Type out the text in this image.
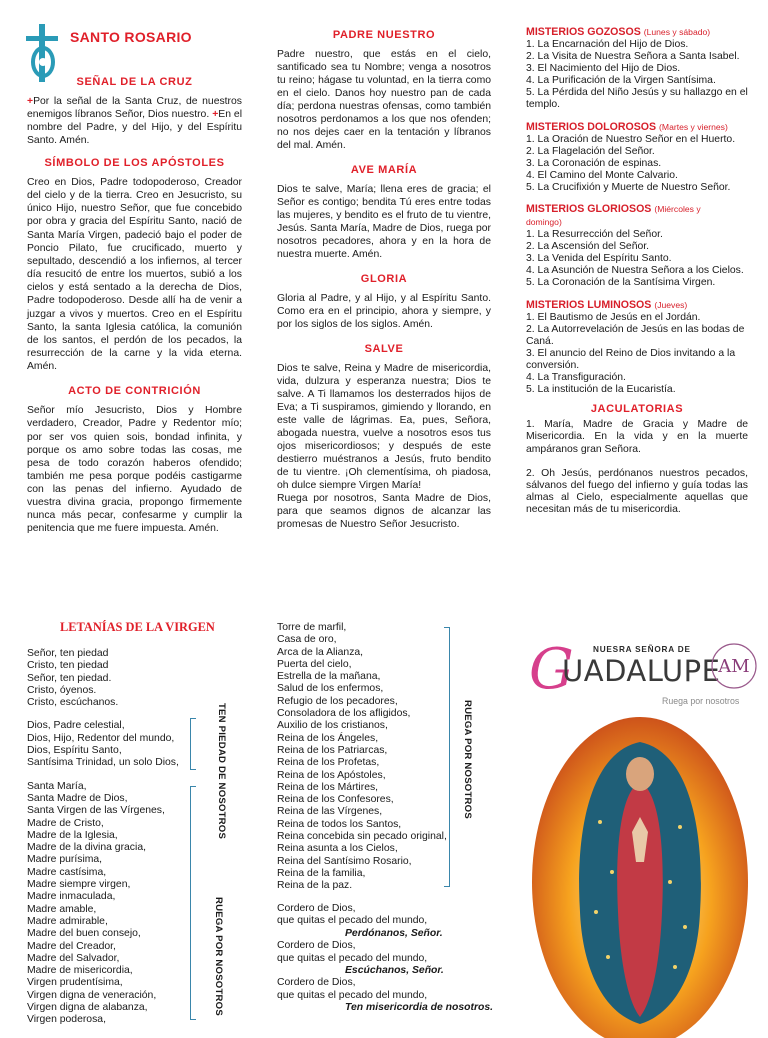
SANTO ROSARIO
SEÑAL DE LA CRUZ

+Por la señal de la Santa Cruz, de nuestros enemigos líbranos Señor, Dios nuestro. +En el nombre del Padre, y del Hijo, y del Espíritu Santo. Amén.

SÍMBOLO DE LOS APÓSTOLES

Creo en Dios, Padre todopoderoso, Creador del cielo y de la tierra. Creo en Jesucristo, su único Hijo, nuestro Señor, que fue concebido por obra y gracia del Espíritu Santo, nació de Santa María Virgen, padeció bajo el poder de Poncio Pilato, fue crucificado, muerto y sepultado, descendió a los infiernos, al tercer día resucitó de entre los muertos, subió a los cielos y está sentado a la derecha de Dios, Padre todopoderoso. Desde allí ha de venir a juzgar a vivos y muertos. Creo en el Espíritu Santo, la santa Iglesia católica, la comunión de los santos, el perdón de los pecados, la resurrección de la carne y la vida eterna. Amén.

ACTO DE CONTRICIÓN

Señor mío Jesucristo, Dios y Hombre verdadero, Creador, Padre y Redentor mío; por ser vos quien sois, bondad infinita, y porque os amo sobre todas las cosas, me pesa de todo corazón haberos ofendido; también me pesa porque podéis castigarme con las penas del infierno. Ayudado de vuestra divina gracia, propongo firmemente nunca más pecar, confesarme y cumplir la penitencia que me fuere impuesta. Amén.

PADRE NUESTRO

Padre nuestro, que estás en el cielo, santificado sea tu Nombre; venga a nosotros tu reino; hágase tu voluntad, en la tierra como en el cielo. Danos hoy nuestro pan de cada día; perdona nuestras ofensas, como también nosotros perdonamos a los que nos ofenden; no nos dejes caer en la tentación y líbranos del mal. Amén.

AVE MARÍA

Dios te salve, María; llena eres de gracia; el Señor es contigo; bendita Tú eres entre todas las mujeres, y bendito es el fruto de tu vientre, Jesús. Santa María, Madre de Dios, ruega por nosotros pecadores, ahora y en la hora de nuestra muerte. Amén.

GLORIA

Gloria al Padre, y al Hijo, y al Espíritu Santo. Como era en el principio, ahora y siempre, y por los siglos de los siglos. Amén.

SALVE

Dios te salve, Reina y Madre de misericordia, vida, dulzura y esperanza nuestra; Dios te salve. A Ti llamamos los desterrados hijos de Eva; a Ti suspiramos, gimiendo y llorando, en este valle de lágrimas. Ea, pues, Señora, abogada nuestra, vuelve a nosotros esos tus ojos misericordiosos; y después de este destierro muéstranos a Jesús, fruto bendito de tu vientre. ¡Oh clementísima, oh piadosa, oh dulce siempre Virgen María!

Ruega por nosotros, Santa Madre de Dios, para que seamos dignos de alcanzar las promesas de Nuestro Señor Jesucristo.

MISTERIOS GOZOSOS (Lunes y sábado)
1. La Encarnación del Hijo de Dios.
2. La Visita de Nuestra Señora a Santa Isabel.
3. El Nacimiento del Hijo de Dios.
4. La Purificación de la Virgen Santísima.
5. La Pérdida del Niño Jesús y su hallazgo en el templo.
MISTERIOS DOLOROSOS (Martes y viernes)
1. La Oración de Nuestro Señor en el Huerto.
2. La Flagelación del Señor.
3. La Coronación de espinas.
4. El Camino del Monte Calvario.
5. La Crucifixión y Muerte de Nuestro Señor.
MISTERIOS GLORIOSOS (Miércoles y domingo)
1. La Resurrección del Señor.
2. La Ascensión del Señor.
3. La Venida del Espíritu Santo.
4. La Asunción de Nuestra Señora a los Cielos.
5. La Coronación de la Santísima Virgen.
MISTERIOS LUMINOSOS (Jueves)
1. El Bautismo de Jesús en el Jordán.
2. La Autorrevelación de Jesús en las bodas de Caná.
3. El anuncio del Reino de Dios invitando a la conversión.
4. La Transfiguración.
5. La institución de la Eucaristía.
JACULATORIAS

1. María, Madre de Gracia y Madre de Misericordia. En la vida y en la muerte ampáranos gran Señora.

2. Oh Jesús, perdónanos nuestros pecados, sálvanos del fuego del infierno y guía todas las almas al Cielo, especialmente aquellas que necesitan más de tu misericordia.

LETANÍAS DE LA VIRGEN
Señor, ten piedad
Cristo, ten piedad
Señor, ten piedad.
Cristo, óyenos.
Cristo, escúchanos.
Dios, Padre celestial,
Dios, Hijo, Redentor del mundo,
Dios, Espíritu Santo,
Santísima Trinidad, un solo Dios,
Santa María,
Santa Madre de Dios,
Santa Virgen de las Vírgenes,
Madre de Cristo,
Madre de la Iglesia,
Madre de la divina gracia,
Madre purísima,
Madre castísima,
Madre siempre virgen,
Madre inmaculada,
Madre amable,
Madre admirable,
Madre del buen consejo,
Madre del Creador,
Madre del Salvador,
Madre de misericordia,
Virgen prudentísima,
Virgen digna de veneración,
Virgen digna de alabanza,
Virgen poderosa,
TEN PIEDAD DE NOSOTROS
RUEGA POR NOSOTROS
Torre de marfil,
Casa de oro,
Arca de la Alianza,
Puerta del cielo,
Estrella de la mañana,
Salud de los enfermos,
Refugio de los pecadores,
Consoladora de los afligidos,
Auxilio de los cristianos,
Reina de los Ángeles,
Reina de los Patriarcas,
Reina de los Profetas,
Reina de los Apóstoles,
Reina de los Mártires,
Reina de los Confesores,
Reina de las Vírgenes,
Reina de todos los Santos,
Reina concebida sin pecado original,
Reina asunta a los Cielos,
Reina del Santísimo Rosario,
Reina de la familia,
Reina de la paz.
RUEGA POR NOSOTROS
Cordero de Dios,
que quitas el pecado del mundo,
Perdónanos, Señor.
Cordero de Dios,
que quitas el pecado del mundo,
Escúchanos, Señor.
Cordero de Dios,
que quitas el pecado del mundo,
Ten misericordia de nosotros.
G NUESRA SEÑORA DE
UADALUPE
AM
Ruega por nosotros
